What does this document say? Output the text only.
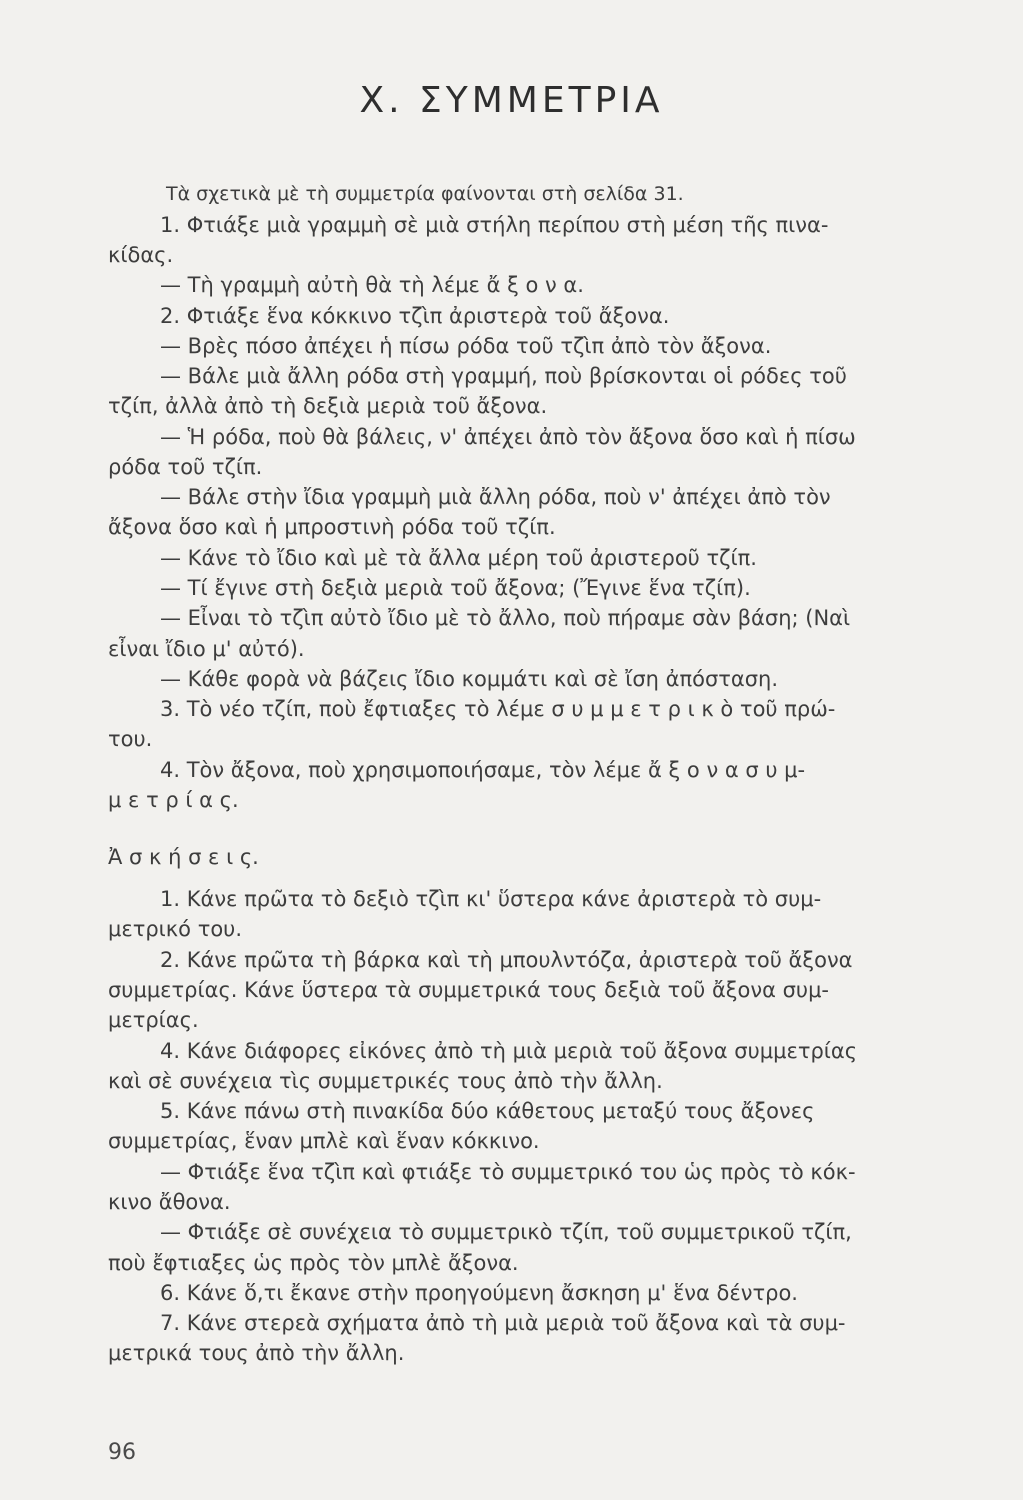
Χ. ΣΥΜΜΕΤΡΙΑ

Τὰ σχετικὰ μὲ τὴ συμμετρία φαίνονται στὴ σελίδα 31.

1. Φτιάξε μιὰ γραμμὴ σὲ μιὰ στήλη περίπου στὴ μέση τῆς πινα-

κίδας.

— Τὴ γραμμὴ αὐτὴ θὰ τὴ λέμε ἄ ξ ο ν α.

2. Φτιάξε ἕνα κόκκινο τζὶπ ἀριστερὰ τοῦ ἄξονα.

— Βρὲς πόσο ἀπέχει ἡ πίσω ρόδα τοῦ τζὶπ ἀπὸ τὸν ἄξονα.

— Βάλε μιὰ ἄλλη ρόδα στὴ γραμμή, ποὺ βρίσκονται οἱ ρόδες τοῦ

τζίπ, ἀλλὰ ἀπὸ τὴ δεξιὰ μεριὰ τοῦ ἄξονα.

— Ἡ ρόδα, ποὺ θὰ βάλεις, ν' ἀπέχει ἀπὸ τὸν ἄξονα ὅσο καὶ ἡ πίσω

ρόδα τοῦ τζίπ.

— Βάλε στὴν ἴδια γραμμὴ μιὰ ἄλλη ρόδα, ποὺ ν' ἀπέχει ἀπὸ τὸν

ἄξονα ὅσο καὶ ἡ μπροστινὴ ρόδα τοῦ τζίπ.

— Κάνε τὸ ἴδιο καὶ μὲ τὰ ἄλλα μέρη τοῦ ἀριστεροῦ τζίπ.

— Τί ἔγινε στὴ δεξιὰ μεριὰ τοῦ ἄξονα; (Ἔγινε ἕνα τζίπ).

— Εἶναι τὸ τζὶπ αὐτὸ ἴδιο μὲ τὸ ἄλλο, ποὺ πήραμε σὰν βάση; (Ναὶ

εἶναι ἴδιο μ' αὐτό).

— Κάθε φορὰ νὰ βάζεις ἴδιο κομμάτι καὶ σὲ ἴση ἀπόσταση.

3. Τὸ νέο τζίπ, ποὺ ἔφτιαξες τὸ λέμε σ υ μ μ ε τ ρ ι κ ὸ τοῦ πρώ-

του.

4. Τὸν ἄξονα, ποὺ χρησιμοποιήσαμε, τὸν λέμε ἄ ξ ο ν α σ υ μ-

μ ε τ ρ ί α ς.

Ἀ σ κ ή σ ε ι ς.

1. Κάνε πρῶτα τὸ δεξιὸ τζὶπ κι' ὕστερα κάνε ἀριστερὰ τὸ συμ-

μετρικό του.

2. Κάνε πρῶτα τὴ βάρκα καὶ τὴ μπουλντόζα, ἀριστερὰ τοῦ ἄξονα

συμμετρίας. Κάνε ὕστερα τὰ συμμετρικά τους δεξιὰ τοῦ ἄξονα συμ-

μετρίας.

4. Κάνε διάφορες εἰκόνες ἀπὸ τὴ μιὰ μεριὰ τοῦ ἄξονα συμμετρίας

καὶ σὲ συνέχεια τὶς συμμετρικές τους ἀπὸ τὴν ἄλλη.

5. Κάνε πάνω στὴ πινακίδα δύο κάθετους μεταξύ τους ἄξονες

συμμετρίας, ἕναν μπλὲ καὶ ἕναν κόκκινο.

— Φτιάξε ἕνα τζὶπ καὶ φτιάξε τὸ συμμετρικό του ὡς πρὸς τὸ κόκ-

κινο ἄθονα.

— Φτιάξε σὲ συνέχεια τὸ συμμετρικὸ τζίπ, τοῦ συμμετρικοῦ τζίπ,

ποὺ ἔφτιαξες ὡς πρὸς τὸν μπλὲ ἄξονα.

6. Κάνε ὅ,τι ἔκανε στὴν προηγούμενη ἄσκηση μ' ἕνα δέντρο.

7. Κάνε στερεὰ σχήματα ἀπὸ τὴ μιὰ μεριὰ τοῦ ἄξονα καὶ τὰ συμ-

μετρικά τους ἀπὸ τὴν ἄλλη.

96
